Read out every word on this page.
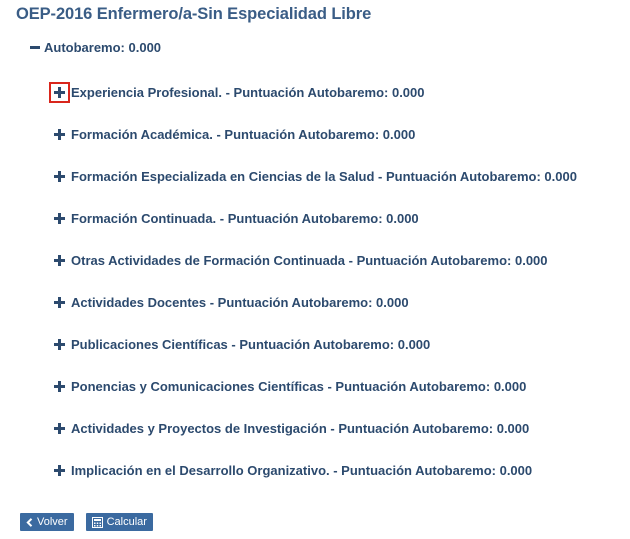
OEP-2016 Enfermero/a-Sin Especialidad Libre
Autobaremo: 0.000
Experiencia Profesional. - Puntuación Autobaremo: 0.000
Formación Académica. - Puntuación Autobaremo: 0.000
Formación Especializada en Ciencias de la Salud - Puntuación Autobaremo: 0.000
Formación Continuada. - Puntuación Autobaremo: 0.000
Otras Actividades de Formación Continuada - Puntuación Autobaremo: 0.000
Actividades Docentes - Puntuación Autobaremo: 0.000
Publicaciones Científicas - Puntuación Autobaremo: 0.000
Ponencias y Comunicaciones Científicas - Puntuación Autobaremo: 0.000
Actividades y Proyectos de Investigación - Puntuación Autobaremo: 0.000
Implicación en el Desarrollo Organizativo. - Puntuación Autobaremo: 0.000
Volver	Calcular
